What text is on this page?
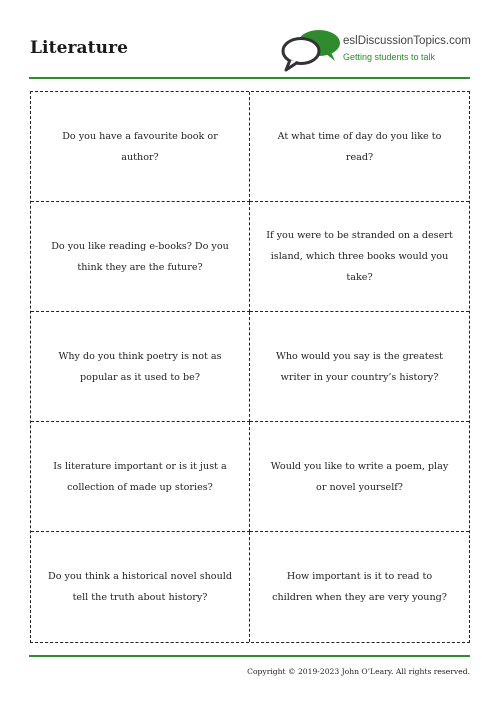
Literature	eslDiscussionTopics.com
Getting students to talk
Do you have a favourite book or author?
At what time of day do you like to read?
Do you like reading e-books? Do you think they are the future?
If you were to be stranded on a desert island, which three books would you take?
Why do you think poetry is not as popular as it used to be?
Who would you say is the greatest writer in your country’s history?
Is literature important or is it just a collection of made up stories?
Would you like to write a poem, play or novel yourself?
Do you think a historical novel should tell the truth about history?
How important is it to read to children when they are very young?
Copyright © 2019-2023 John O’Leary. All rights reserved.
